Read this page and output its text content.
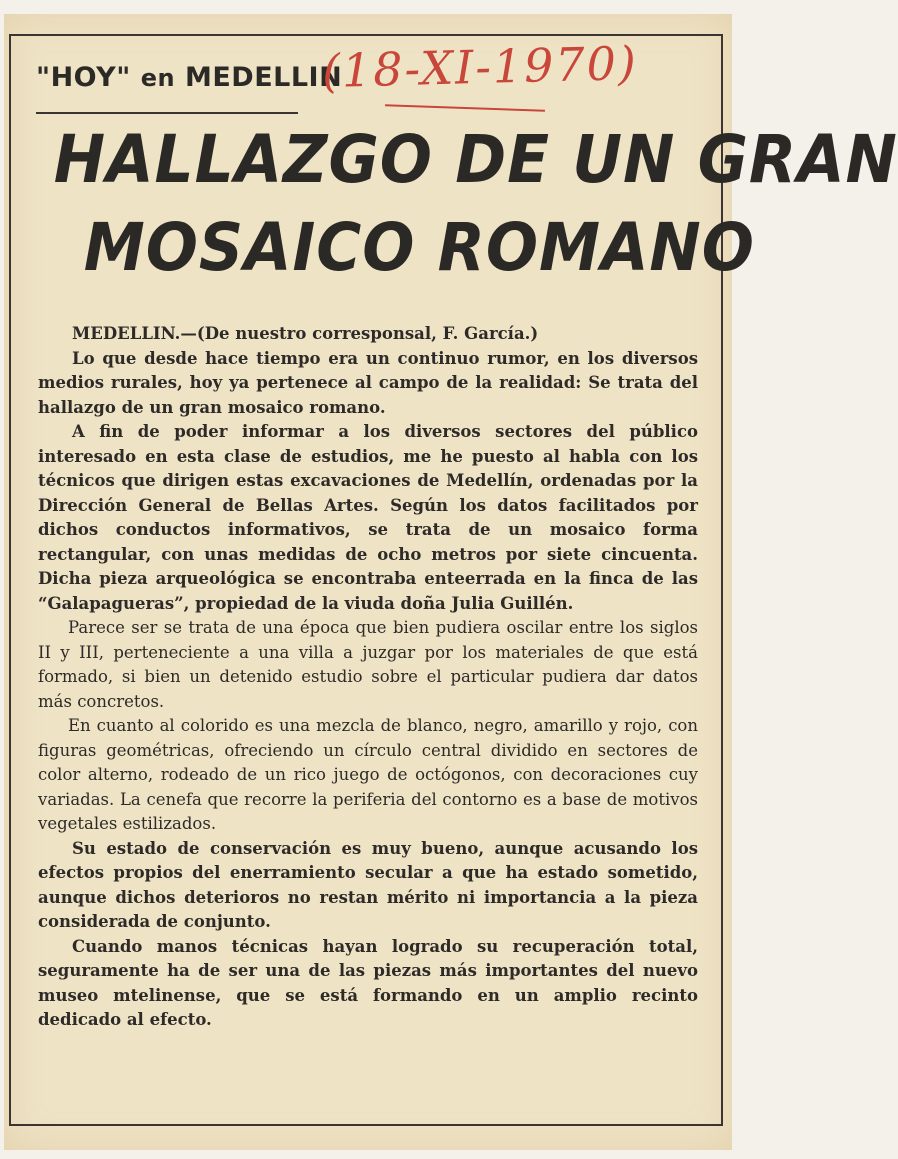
"HOY" en MEDELLIN
(18-XI-1970)
HALLAZGO DE UN GRAN
MOSAICO ROMANO

MEDELLIN.—(De nuestro corresponsal, F. García.)

Lo que desde hace tiempo era un continuo rumor, en los diversos medios rurales, hoy ya pertenece al campo de la realidad: Se trata del hallazgo de un gran mosaico romano.

A fin de poder informar a los diversos sectores del público interesado en esta clase de estudios, me he puesto al habla con los técnicos que dirigen estas excavaciones de Medellín, ordenadas por la Dirección General de Bellas Artes. Según los datos facilitados por dichos conductos informativos, se trata de un mosaico forma rectangular, con unas medidas de ocho metros por siete cincuenta. Dicha pieza arqueológica se encontraba enteerrada en la finca de las “Galapagueras”, propiedad de la viuda doña Julia Guillén.

Parece ser se trata de una época que bien pudiera oscilar entre los siglos II y III, perteneciente a una villa a juzgar por los materiales de que está formado, si bien un detenido estudio sobre el particular pudiera dar datos más concretos.

En cuanto al colorido es una mezcla de blanco, negro, amarillo y rojo, con figuras geométricas, ofreciendo un círculo central dividido en sectores de color alterno, rodeado de un rico juego de octógonos, con decoraciones cuy variadas. La cenefa que recorre la periferia del contorno es a base de motivos vegetales estilizados.

Su estado de conservación es muy bueno, aunque acusando los efectos propios del enerramiento secular a que ha estado sometido, aunque dichos deterioros no restan mérito ni importancia a la pieza considerada de conjunto.

Cuando manos técnicas hayan logrado su recuperación total, seguramente ha de ser una de las piezas más importantes del nuevo museo mtelinense, que se está formando en un amplio recinto dedicado al efecto.
